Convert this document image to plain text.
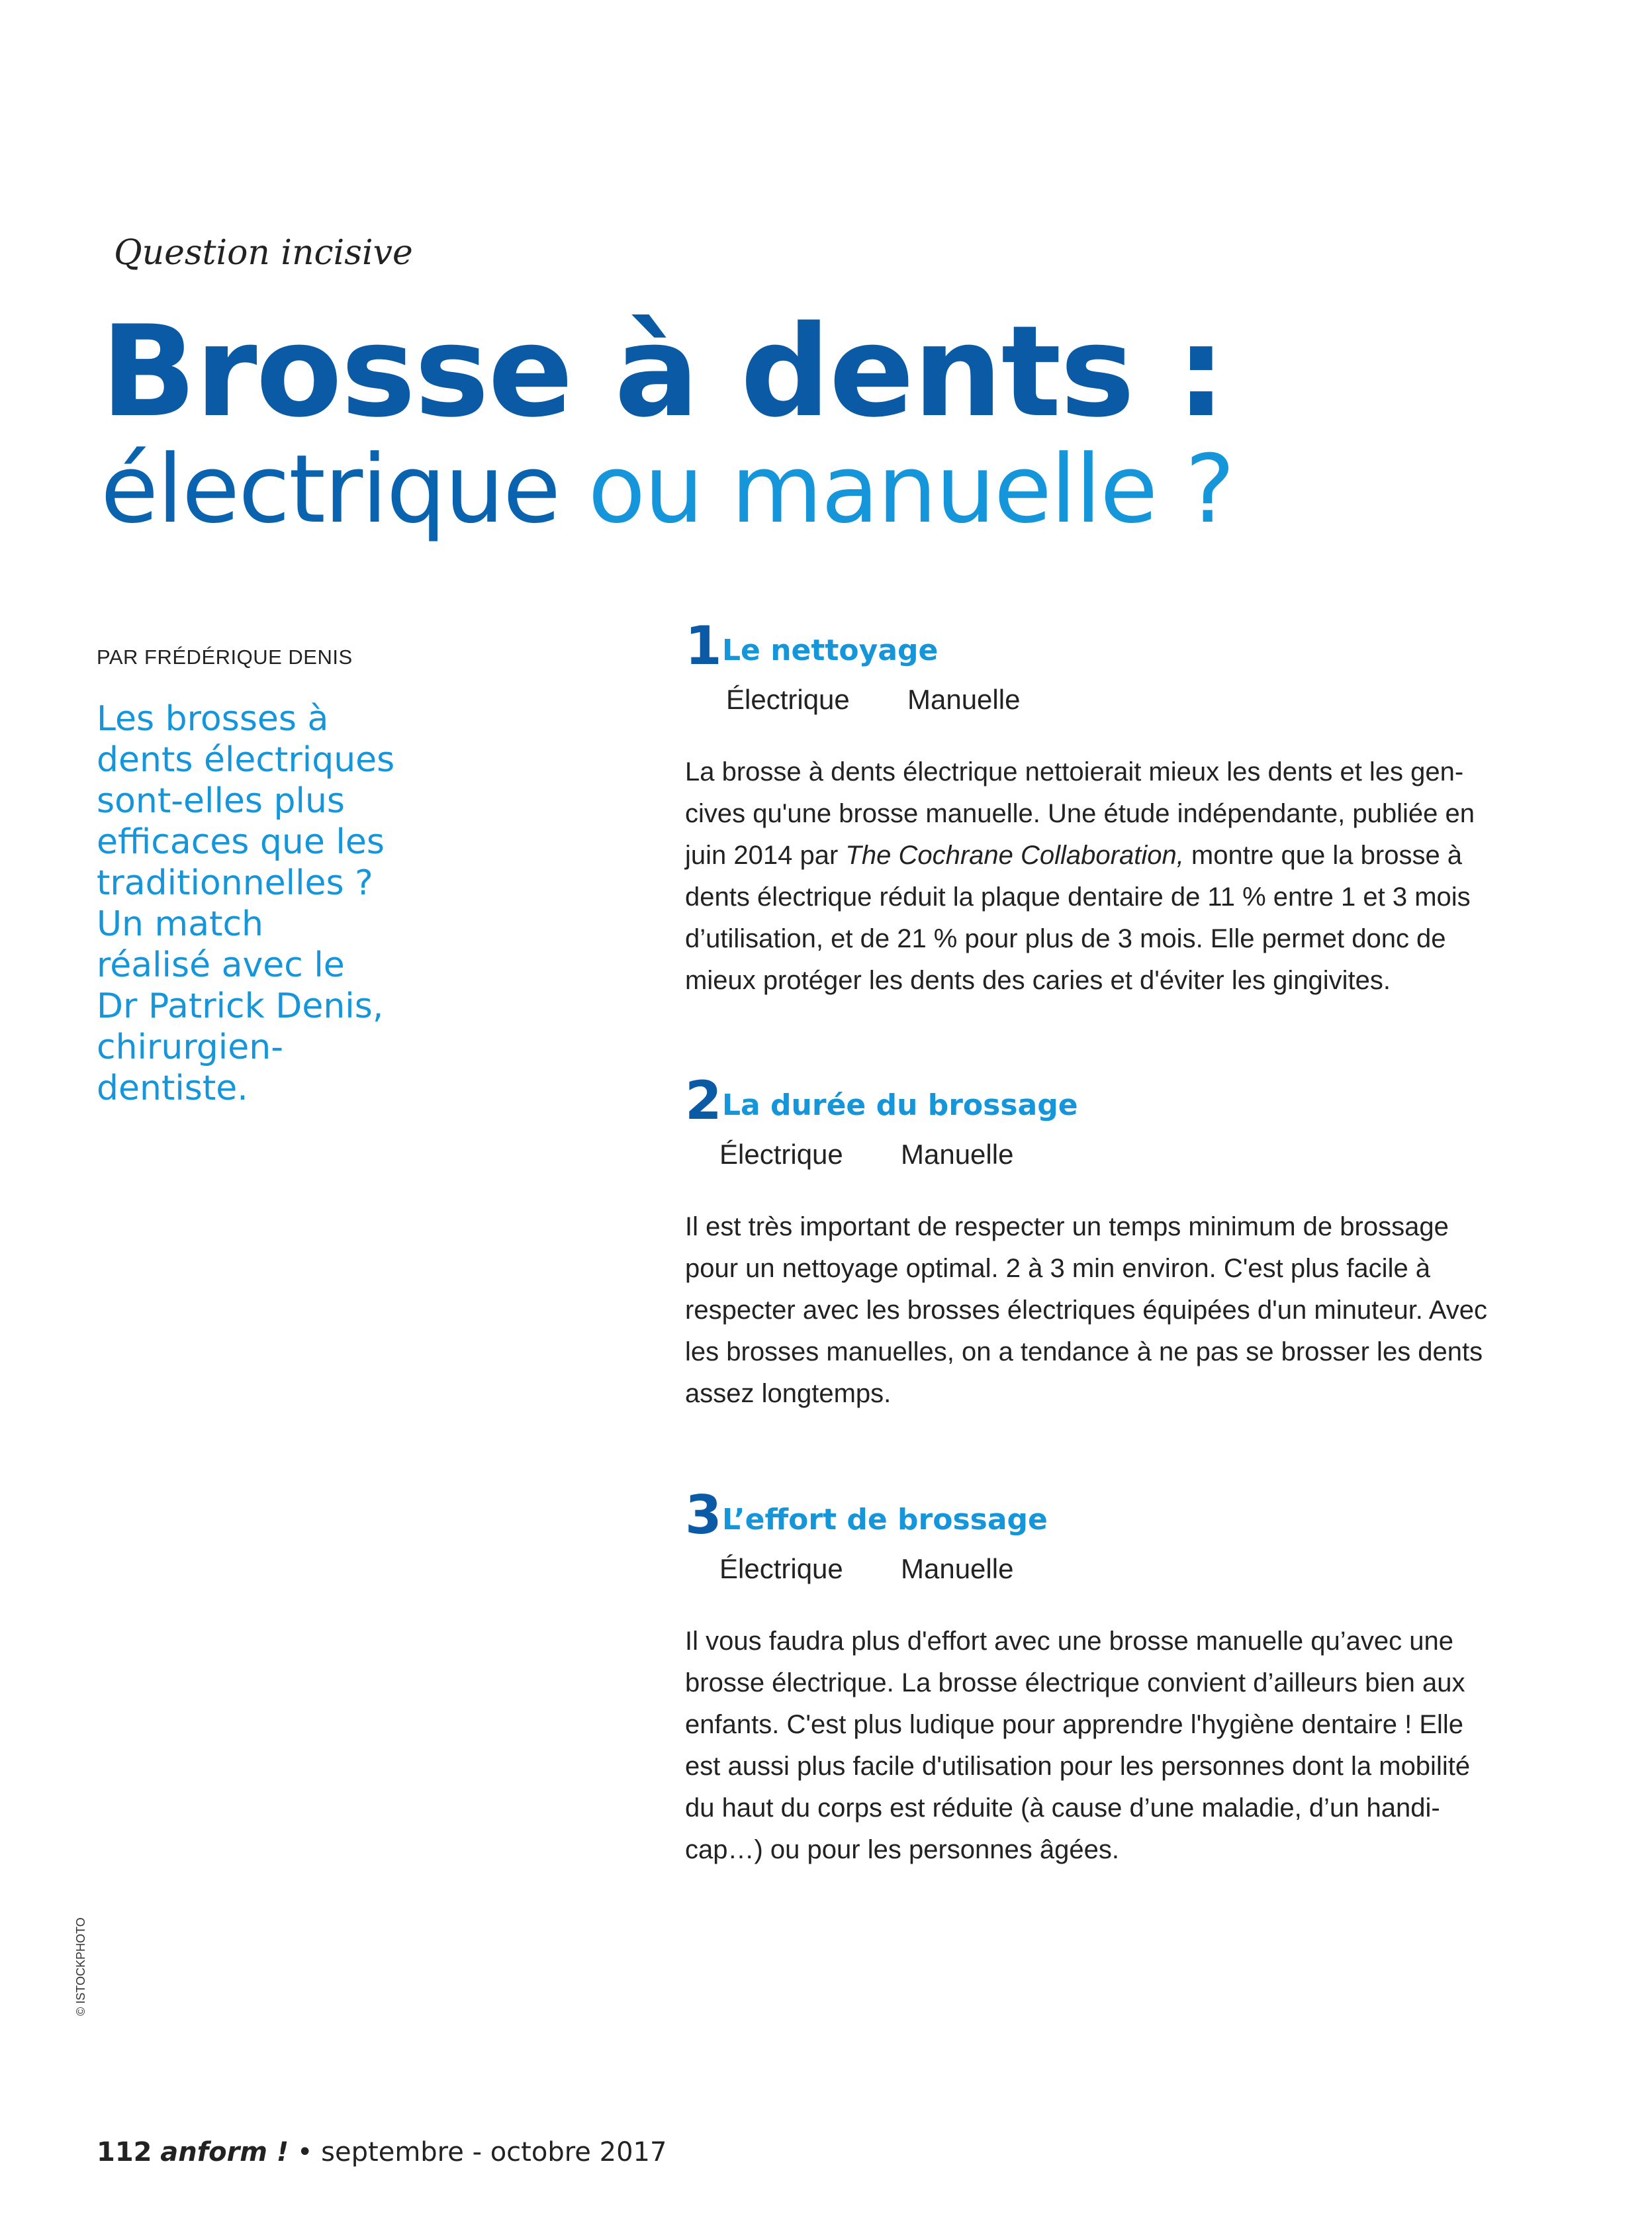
Question incisive
Brosse à dents :
électrique ou manuelle ?
PAR FRÉDÉRIQUE DENIS
Les brosses à
dents électriques
sont-elles plus
efficaces que les
traditionnelles ?
Un match
réalisé avec le
Dr Patrick Denis,
chirurgien-
dentiste.
1 Le nettoyage
Électrique Manuelle
La brosse à dents électrique nettoierait mieux les dents et les gen-
cives qu'une brosse manuelle. Une étude indépendante, publiée en
juin 2014 par The Cochrane Collaboration, montre que la brosse à
dents électrique réduit la plaque dentaire de 11 % entre 1 et 3 mois
d’utilisation, et de 21 % pour plus de 3 mois. Elle permet donc de
mieux protéger les dents des caries et d'éviter les gingivites.
2 La durée du brossage
Électrique Manuelle
Il est très important de respecter un temps minimum de brossage
pour un nettoyage optimal. 2 à 3 min environ. C'est plus facile à
respecter avec les brosses électriques équipées d'un minuteur. Avec
les brosses manuelles, on a tendance à ne pas se brosser les dents
assez longtemps.
3 L’effort de brossage
Électrique Manuelle
Il vous faudra plus d'effort avec une brosse manuelle qu’avec une
brosse électrique. La brosse électrique convient d’ailleurs bien aux
enfants. C'est plus ludique pour apprendre l'hygiène dentaire ! Elle
est aussi plus facile d'utilisation pour les personnes dont la mobilité
du haut du corps est réduite (à cause d’une maladie, d’un handi-
cap…) ou pour les personnes âgées.
© ISTOCKPHOTO
112 anform ! • septembre - octobre 2017
